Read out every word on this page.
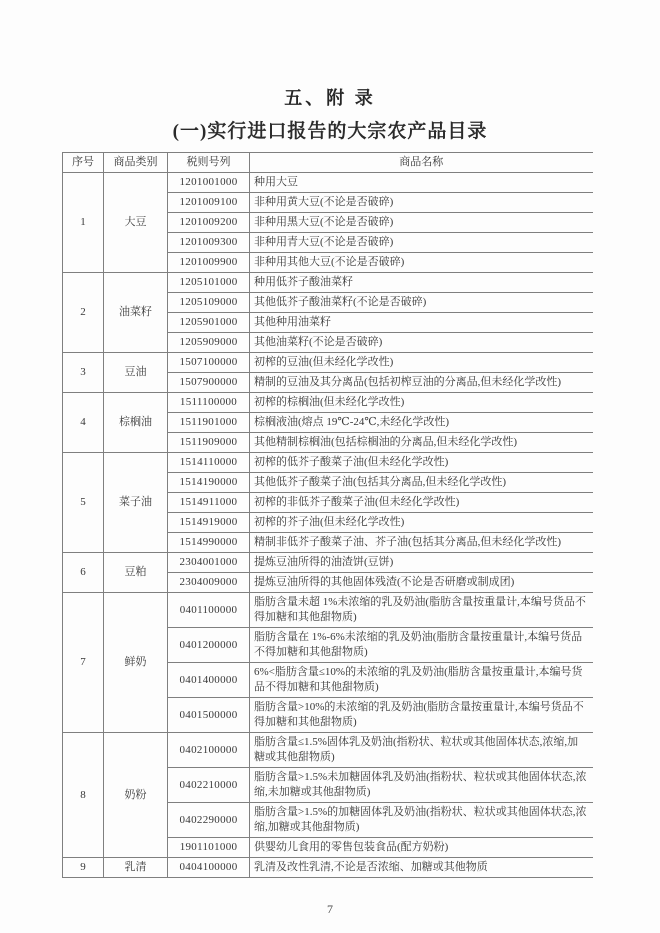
五、附 录
(一)实行进口报告的大宗农产品目录
序号	商品类别	税则号列	商品名称
1	大豆	1201001000	种用大豆
		1201009100	非种用黄大豆(不论是否破碎)
		1201009200	非种用黑大豆(不论是否破碎)
		1201009300	非种用青大豆(不论是否破碎)
		1201009900	非种用其他大豆(不论是否破碎)
2	油菜籽	1205101000	种用低芥子酸油菜籽
		1205109000	其他低芥子酸油菜籽(不论是否破碎)
		1205901000	其他种用油菜籽
		1205909000	其他油菜籽(不论是否破碎)
3	豆油	1507100000	初榨的豆油(但未经化学改性)
		1507900000	精制的豆油及其分离品(包括初榨豆油的分离品,但未经化学改性)
4	棕榈油	1511100000	初榨的棕榈油(但未经化学改性)
		1511901000	棕榈液油(熔点 19℃-24℃,未经化学改性)
		1511909000	其他精制棕榈油(包括棕榈油的分离品,但未经化学改性)
5	菜子油	1514110000	初榨的低芥子酸菜子油(但未经化学改性)
		1514190000	其他低芥子酸菜子油(包括其分离品,但未经化学改性)
		1514911000	初榨的非低芥子酸菜子油(但未经化学改性)
		1514919000	初榨的芥子油(但未经化学改性)
		1514990000	精制非低芥子酸菜子油、芥子油(包括其分离品,但未经化学改性)
6	豆粕	2304001000	提炼豆油所得的油渣饼(豆饼)
		2304009000	提炼豆油所得的其他固体残渣(不论是否研磨或制成团)
7	鲜奶	0401100000	脂肪含量未超 1%未浓缩的乳及奶油(脂肪含量按重量计,本编号货品不得加糖和其他甜物质)
		0401200000	脂肪含量在 1%-6%未浓缩的乳及奶油(脂肪含量按重量计,本编号货品不得加糖和其他甜物质)
		0401400000	6%<脂肪含量≤10%的未浓缩的乳及奶油(脂肪含量按重量计,本编号货品不得加糖和其他甜物质)
		0401500000	脂肪含量>10%的未浓缩的乳及奶油(脂肪含量按重量计,本编号货品不得加糖和其他甜物质)
8	奶粉	0402100000	脂肪含量≤1.5%固体乳及奶油(指粉状、粒状或其他固体状态,浓缩,加糖或其他甜物质)
		0402210000	脂肪含量>1.5%未加糖固体乳及奶油(指粉状、粒状或其他固体状态,浓缩,未加糖或其他甜物质)
		0402290000	脂肪含量>1.5%的加糖固体乳及奶油(指粉状、粒状或其他固体状态,浓缩,加糖或其他甜物质)
		1901101000	供婴幼儿食用的零售包装食品(配方奶粉)
9	乳清	0404100000	乳清及改性乳清,不论是否浓缩、加糖或其他物质
7
